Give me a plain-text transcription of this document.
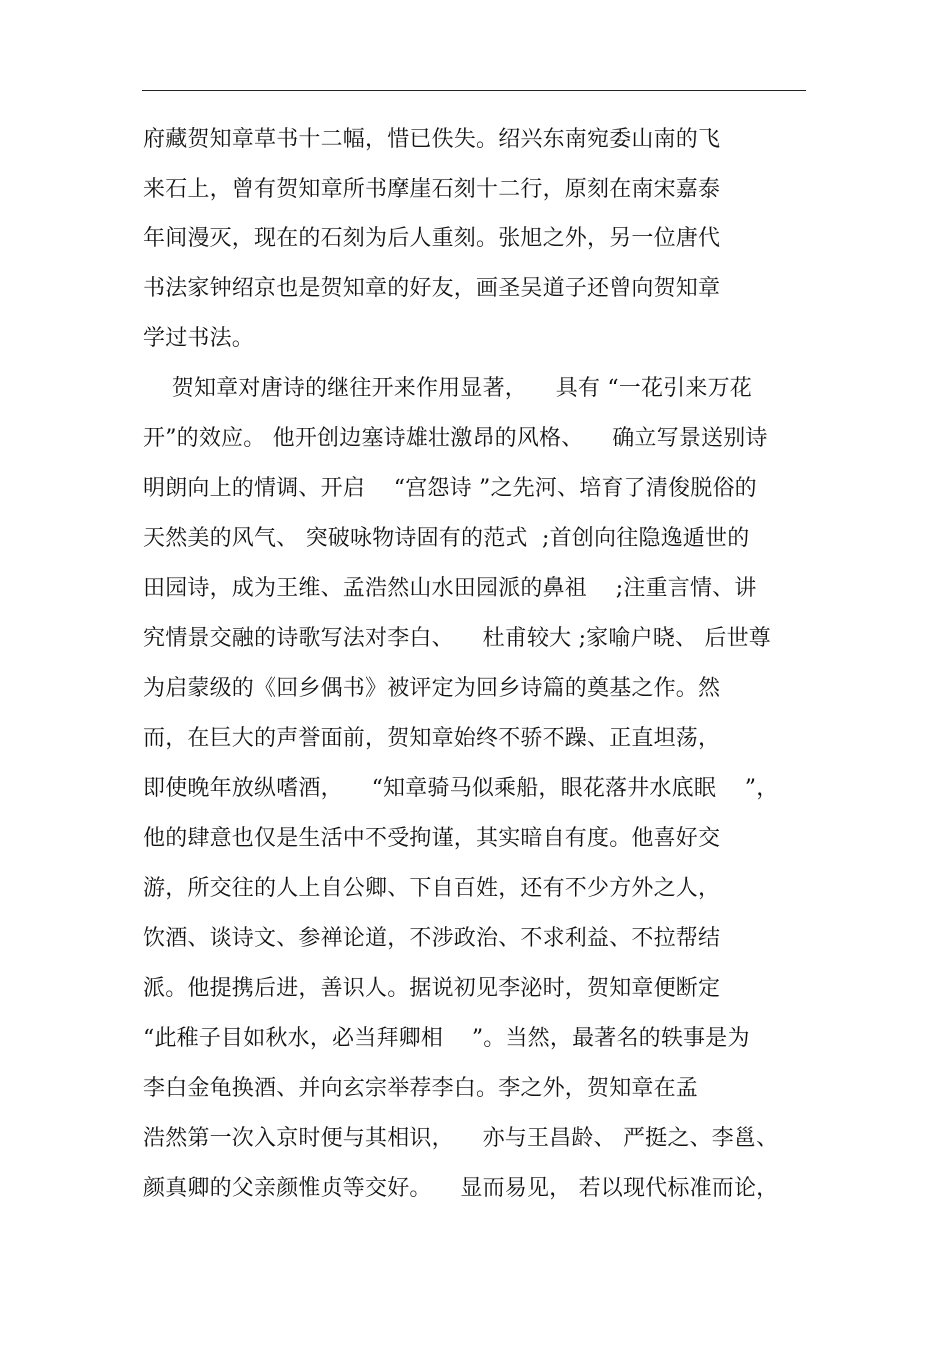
府藏贺知章草书十二幅，惜已佚失。绍兴东南宛委山南的飞
来石上，曾有贺知章所书摩崖石刻十二行，原刻在南宋嘉泰
年间漫灭，现在的石刻为后人重刻。张旭之外，另一位唐代
书法家钟绍京也是贺知章的好友，画圣吴道子还曾向贺知章
学过书法。
贺知章对唐诗的继往开来作用显著，    具有 “一花引来万花
开”的效应。 他开创边塞诗雄壮激昂的风格、    确立写景送别诗
明朗向上的情调、开启    “宫怨诗 ”之先河、培育了清俊脱俗的
天然美的风气、 突破咏物诗固有的范式  ;首创向往隐逸遁世的
田园诗，成为王维、孟浩然山水田园派的鼻祖    ;注重言情、讲
究情景交融的诗歌写法对李白、    杜甫较大 ;家喻户晓、 后世尊
为启蒙级的《回乡偶书》被评定为回乡诗篇的奠基之作。然
而，在巨大的声誉面前，贺知章始终不骄不躁、正直坦荡，
即使晚年放纵嗜酒，    “知章骑马似乘船，眼花落井水底眠    ”，
他的肆意也仅是生活中不受拘谨，其实暗自有度。他喜好交
游，所交往的人上自公卿、下自百姓，还有不少方外之人，
饮酒、谈诗文、参禅论道，不涉政治、不求利益、不拉帮结
派。他提携后进，善识人。据说初见李泌时，贺知章便断定
“此稚子目如秋水，必当拜卿相    ”。当然，最著名的轶事是为
李白金龟换酒、并向玄宗举荐李白。李之外，贺知章在孟
浩然第一次入京时便与其相识，    亦与王昌龄、 严挺之、李邕、
颜真卿的父亲颜惟贞等交好。    显而易见， 若以现代标准而论，
